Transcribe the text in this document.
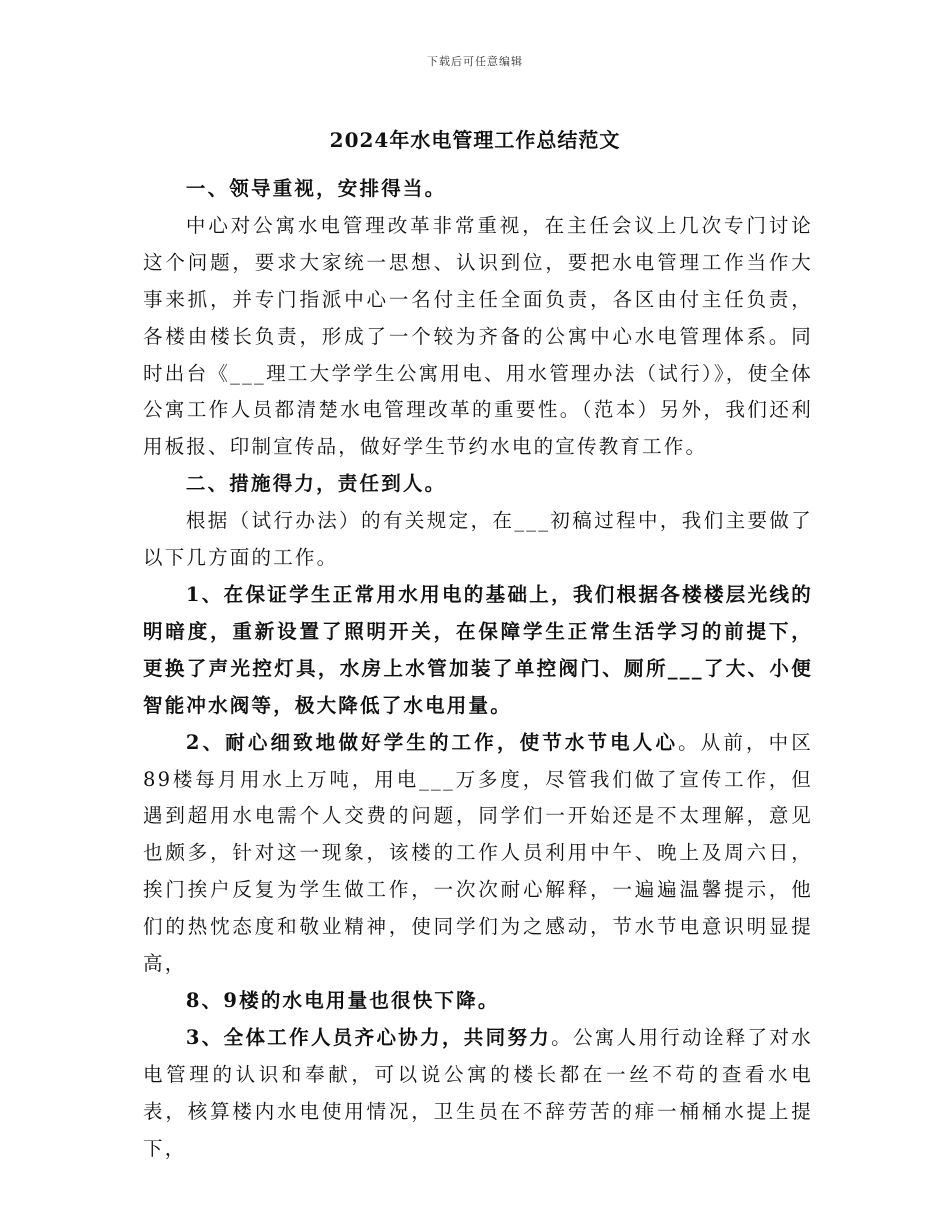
下载后可任意编辑
2024年水电管理工作总结范文

一、领导重视，安排得当。

中心对公寓水电管理改革非常重视，在主任会议上几次专门讨论这个问题，要求大家统一思想、认识到位，要把水电管理工作当作大事来抓，并专门指派中心一名付主任全面负责，各区由付主任负责，各楼由楼长负责，形成了一个较为齐备的公寓中心水电管理体系。同时出台《___理工大学学生公寓用电、用水管理办法（试行）》，使全体公寓工作人员都清楚水电管理改革的重要性。（范本）另外，我们还利用板报、印制宣传品，做好学生节约水电的宣传教育工作。

二、措施得力，责任到人。

根据（试行办法）的有关规定，在___初稿过程中，我们主要做了以下几方面的工作。

1、在保证学生正常用水用电的基础上，我们根据各楼楼层光线的明暗度，重新设置了照明开关，在保障学生正常生活学习的前提下，更换了声光控灯具，水房上水管加装了单控阀门、厕所___了大、小便智能冲水阀等，极大降低了水电用量。

2、耐心细致地做好学生的工作，使节水节电人心。从前，中区89楼每月用水上万吨，用电___万多度，尽管我们做了宣传工作，但遇到超用水电需个人交费的问题，同学们一开始还是不太理解，意见也颇多，针对这一现象，该楼的工作人员利用中午、晚上及周六日，挨门挨户反复为学生做工作，一次次耐心解释，一遍遍温馨提示，他们的热忱态度和敬业精神，使同学们为之感动，节水节电意识明显提高，

8、9楼的水电用量也很快下降。

3、全体工作人员齐心协力，共同努力。公寓人用行动诠释了对水电管理的认识和奉献，可以说公寓的楼长都在一丝不苟的查看水电表，核算楼内水电使用情况，卫生员在不辞劳苦的痱一桶桶水提上提下，
